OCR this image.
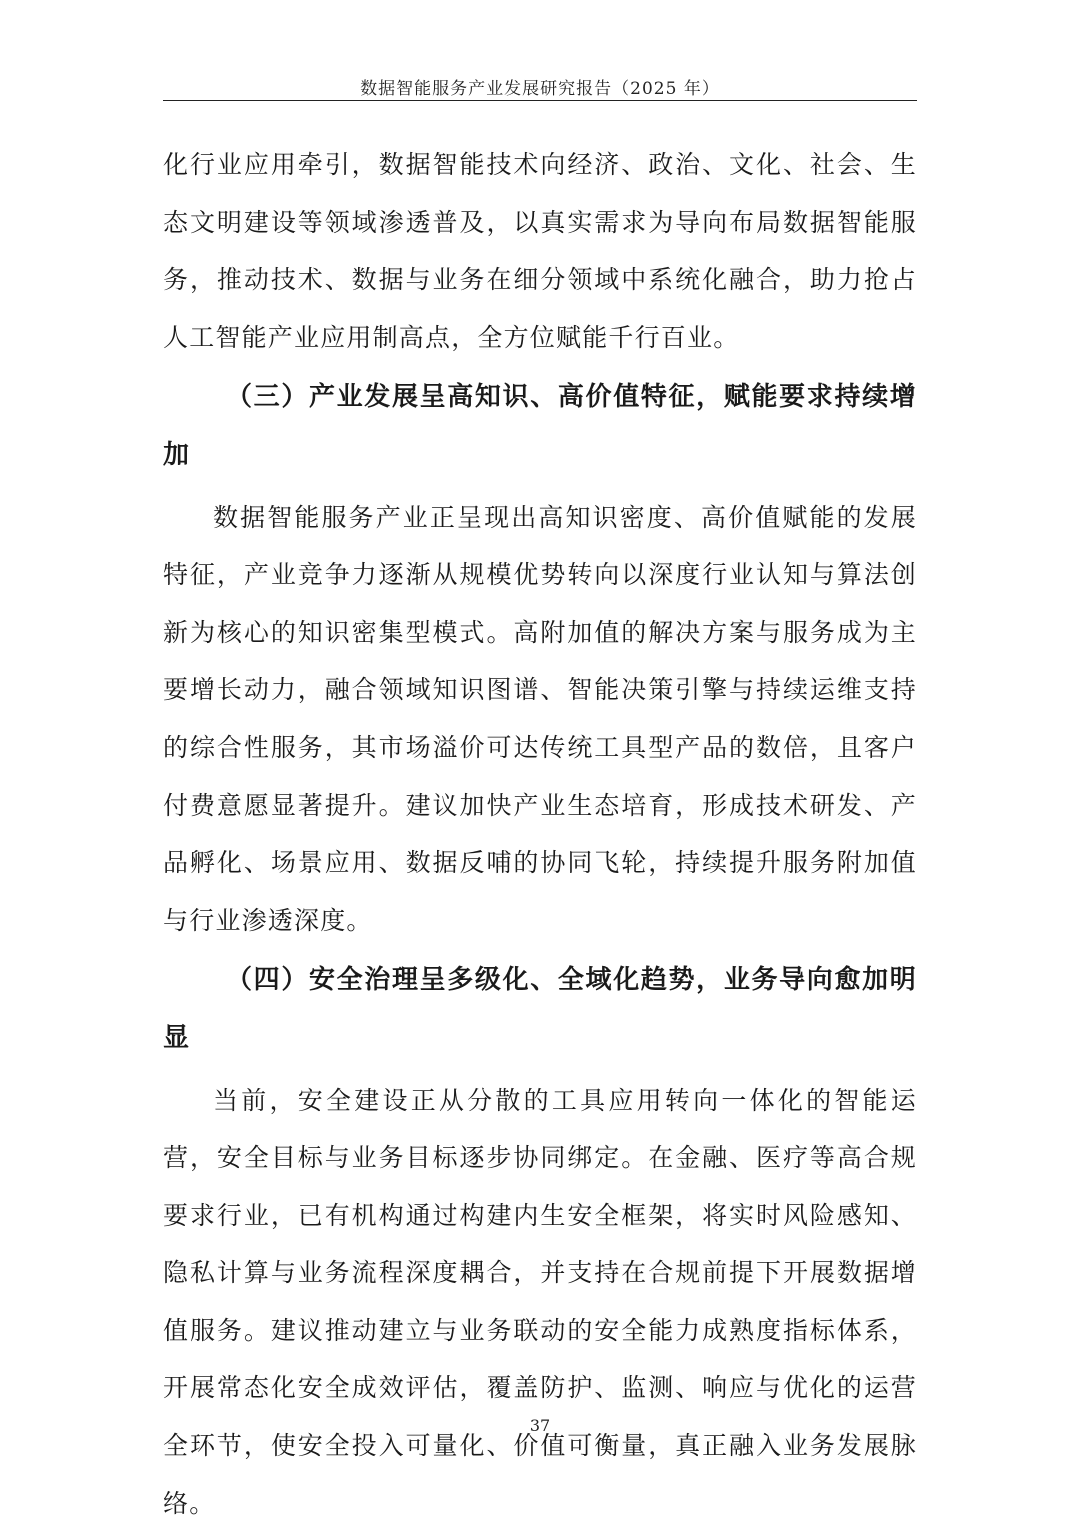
数据智能服务产业发展研究报告（2025 年）

化行业应用牵引，数据智能技术向经济、政治、文化、社会、生态文明建设等领域渗透普及，以真实需求为导向布局数据智能服务，推动技术、数据与业务在细分领域中系统化融合，助力抢占人工智能产业应用制高点，全方位赋能千行百业。

（三）产业发展呈高知识、高价值特征，赋能要求持续增加

数据智能服务产业正呈现出高知识密度、高价值赋能的发展特征，产业竞争力逐渐从规模优势转向以深度行业认知与算法创新为核心的知识密集型模式。高附加值的解决方案与服务成为主要增长动力，融合领域知识图谱、智能决策引擎与持续运维支持的综合性服务，其市场溢价可达传统工具型产品的数倍，且客户付费意愿显著提升。建议加快产业生态培育，形成技术研发、产品孵化、场景应用、数据反哺的协同飞轮，持续提升服务附加值与行业渗透深度。

（四）安全治理呈多级化、全域化趋势，业务导向愈加明显

当前，安全建设正从分散的工具应用转向一体化的智能运营，安全目标与业务目标逐步协同绑定。在金融、医疗等高合规要求行业，已有机构通过构建内生安全框架，将实时风险感知、隐私计算与业务流程深度耦合，并支持在合规前提下开展数据增值服务。建议推动建立与业务联动的安全能力成熟度指标体系，开展常态化安全成效评估，覆盖防护、监测、响应与优化的运营全环节，使安全投入可量化、价值可衡量，真正融入业务发展脉络。

37
